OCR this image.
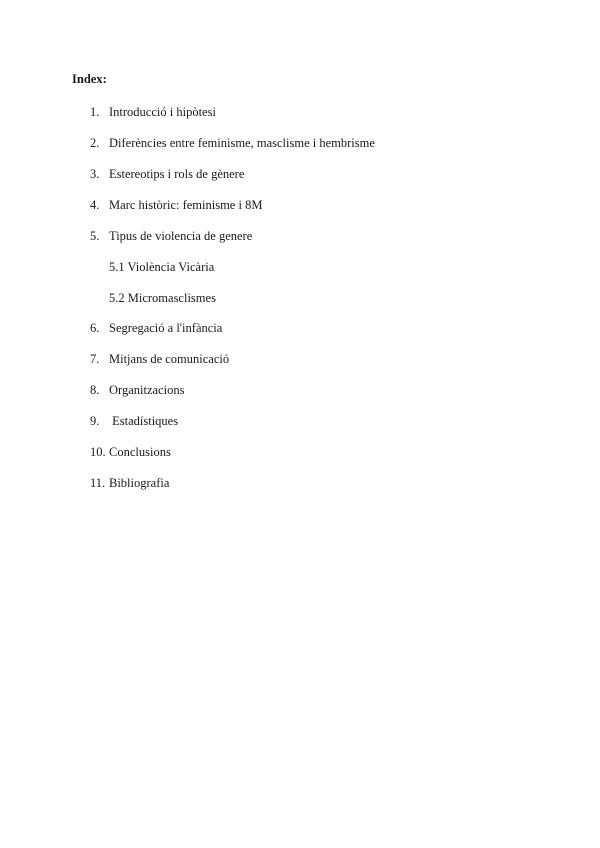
Index:
1. Introducció i hipòtesi
2. Diferències entre feminisme, masclisme i hembrisme
3. Estereotips i rols de gènere
4. Marc històric: feminisme i 8M
5. Tipus de violencia de genere
5.1 Violència Vicària
5.2 Micromasclismes
6. Segregació a l'infància
7. Mitjans de comunicació
8. Organitzacions
9. Estadístiques
10. Conclusions
11. Bibliografia
